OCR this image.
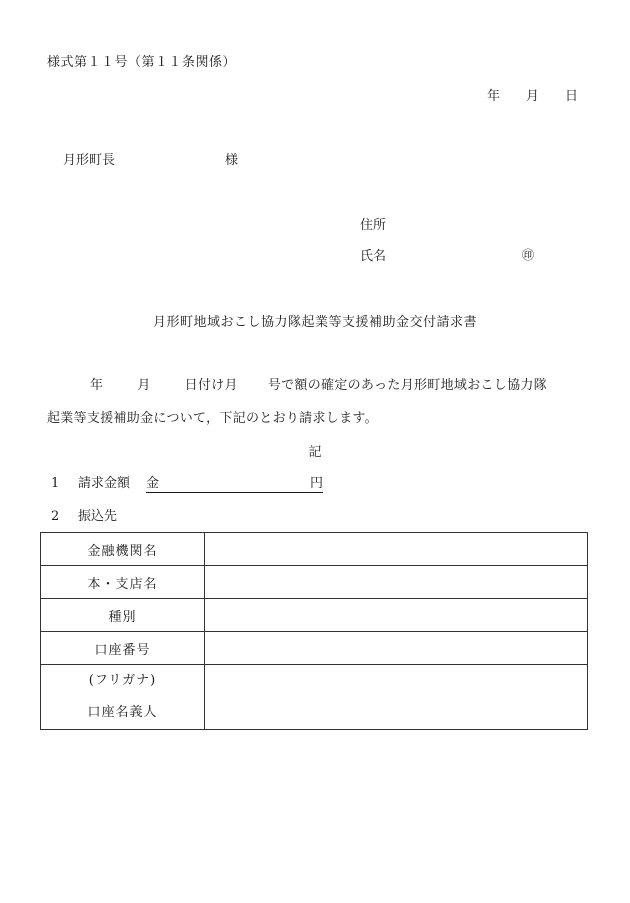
様式第１１号（第１１条関係）
年 月 日
月形町長	様
住所
氏名	㊞
月形町地域おこし協力隊起業等支援補助金交付請求書
年	月	日付け月 号で額の確定のあった月形町地域おこし協力隊
起業等支援補助金について，下記のとおり請求します。
記
1 請求金額 金	円
2 振込先
金融機関名	
本・支店名	
種別	
口座番号	

(フリガナ)
口座名義人	
